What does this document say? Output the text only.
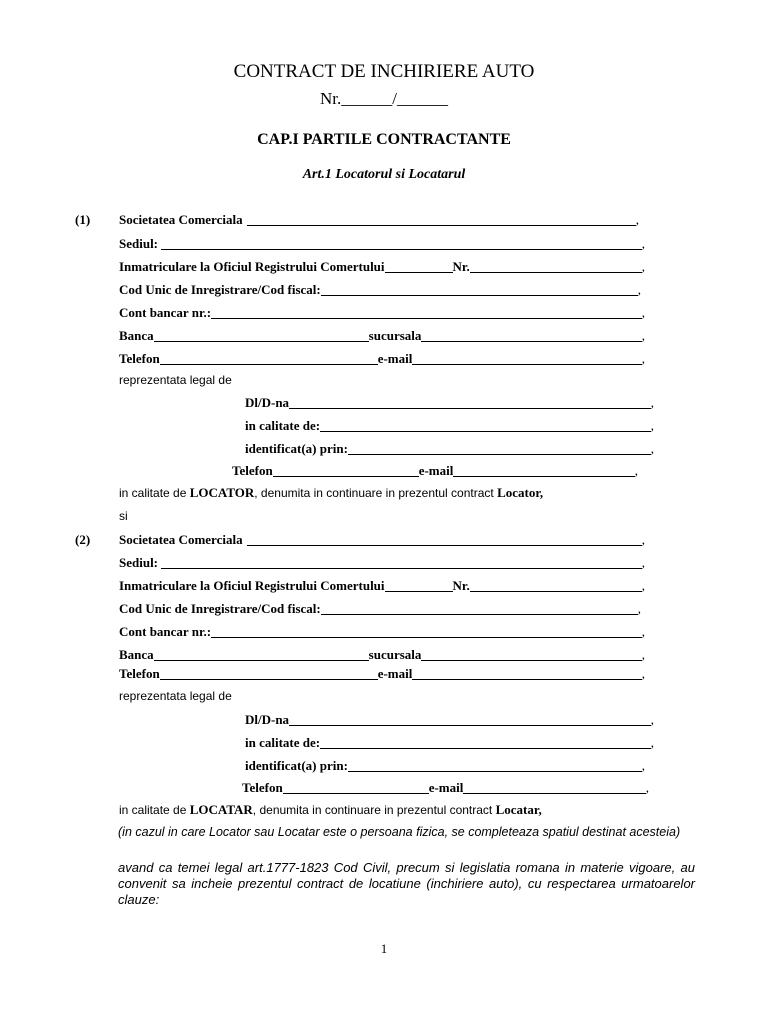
CONTRACT DE INCHIRIERE AUTO
Nr.______/______
CAP.I PARTILE CONTRACTANTE
Art.1 Locatorul si Locatarul
(1) Societatea Comerciala	,
Sediul:	,
Inmatriculare la Oficiul Registrului Comertului	Nr.	,
Cod Unic de Inregistrare/Cod fiscal:	,
Cont bancar nr.:	,
Banca	sucursala	,
Telefon	e-mail	,
reprezentata legal de
Dl/D-na	,
in calitate de:	,
identificat(a) prin:	,
Telefon	e-mail	,
in calitate de LOCATOR, denumita in continuare in prezentul contract Locator,
si
(2) Societatea Comerciala	,
Sediul:	,
Inmatriculare la Oficiul Registrului Comertului	Nr.	,
Cod Unic de Inregistrare/Cod fiscal:	,
Cont bancar nr.:	,
Banca	sucursala	,
Telefon	e-mail	,
reprezentata legal de
Dl/D-na	,
in calitate de:	,
identificat(a) prin:	,
Telefon	e-mail	,
in calitate de LOCATAR, denumita in continuare in prezentul contract Locatar,
(in cazul in care Locator sau Locatar este o persoana fizica, se completeaza spatiul destinat acesteia)
avand ca temei legal art.1777-1823 Cod Civil, precum si legislatia romana in materie vigoare, au convenit sa incheie prezentul contract de locatiune (inchiriere auto), cu respectarea urmatoarelor clauze:
1
